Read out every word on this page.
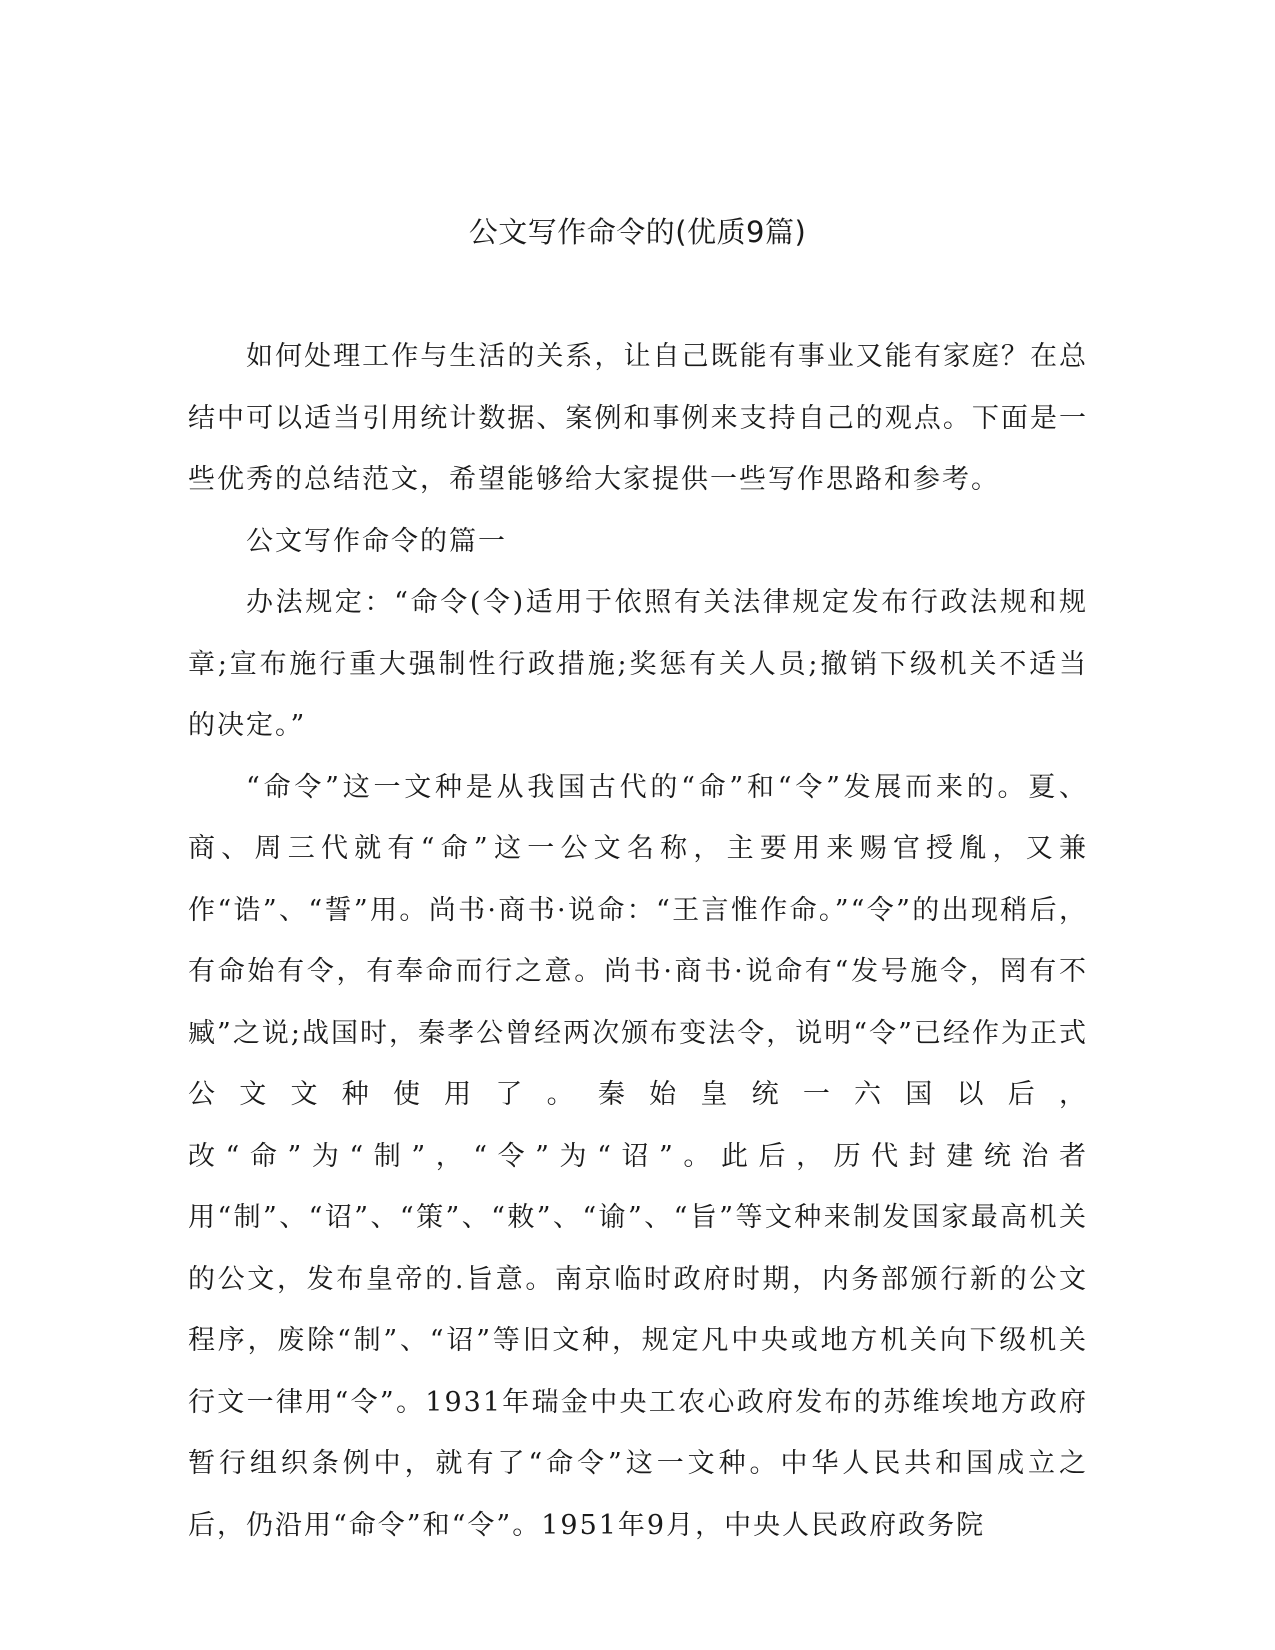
公文写作命令的(优质9篇)

如何处理工作与生活的关系，让自己既能有事业又能有家庭？在总结中可以适当引用统计数据、案例和事例来支持自己的观点。下面是一些优秀的总结范文，希望能够给大家提供一些写作思路和参考。

公文写作命令的篇一

办法规定：“命令(令)适用于依照有关法律规定发布行政法规和规章;宣布施行重大强制性行政措施;奖惩有关人员;撤销下级机关不适当的决定。”

“命令”这一文种是从我国古代的“命”和“令”发展而来的。夏、商、周三代就有“命”这一公文名称，主要用来赐官授胤，又兼作“诰”、“誓”用。尚书·商书·说命：“王言惟作命。”“令”的出现稍后，有命始有令，有奉命而行之意。尚书·商书·说命有“发号施令，罔有不臧”之说;战国时，秦孝公曾经两次颁布变法令，说明“令”已经作为正式公文文种使用了。秦始皇统一六国以后，改“命”为“制”，“令”为“诏”。此后，历代封建统治者用“制”、“诏”、“策”、“敕”、“谕”、“旨”等文种来制发国家最高机关的公文，发布皇帝的.旨意。南京临时政府时期，内务部颁行新的公文程序，废除“制”、“诏”等旧文种，规定凡中央或地方机关向下级机关行文一律用“令”。1931年瑞金中央工农心政府发布的苏维埃地方政府暂行组织条例中，就有了“命令”这一文种。中华人民共和国成立之后，仍沿用“命令”和“令”。1951年9月，中央人民政府政务院
